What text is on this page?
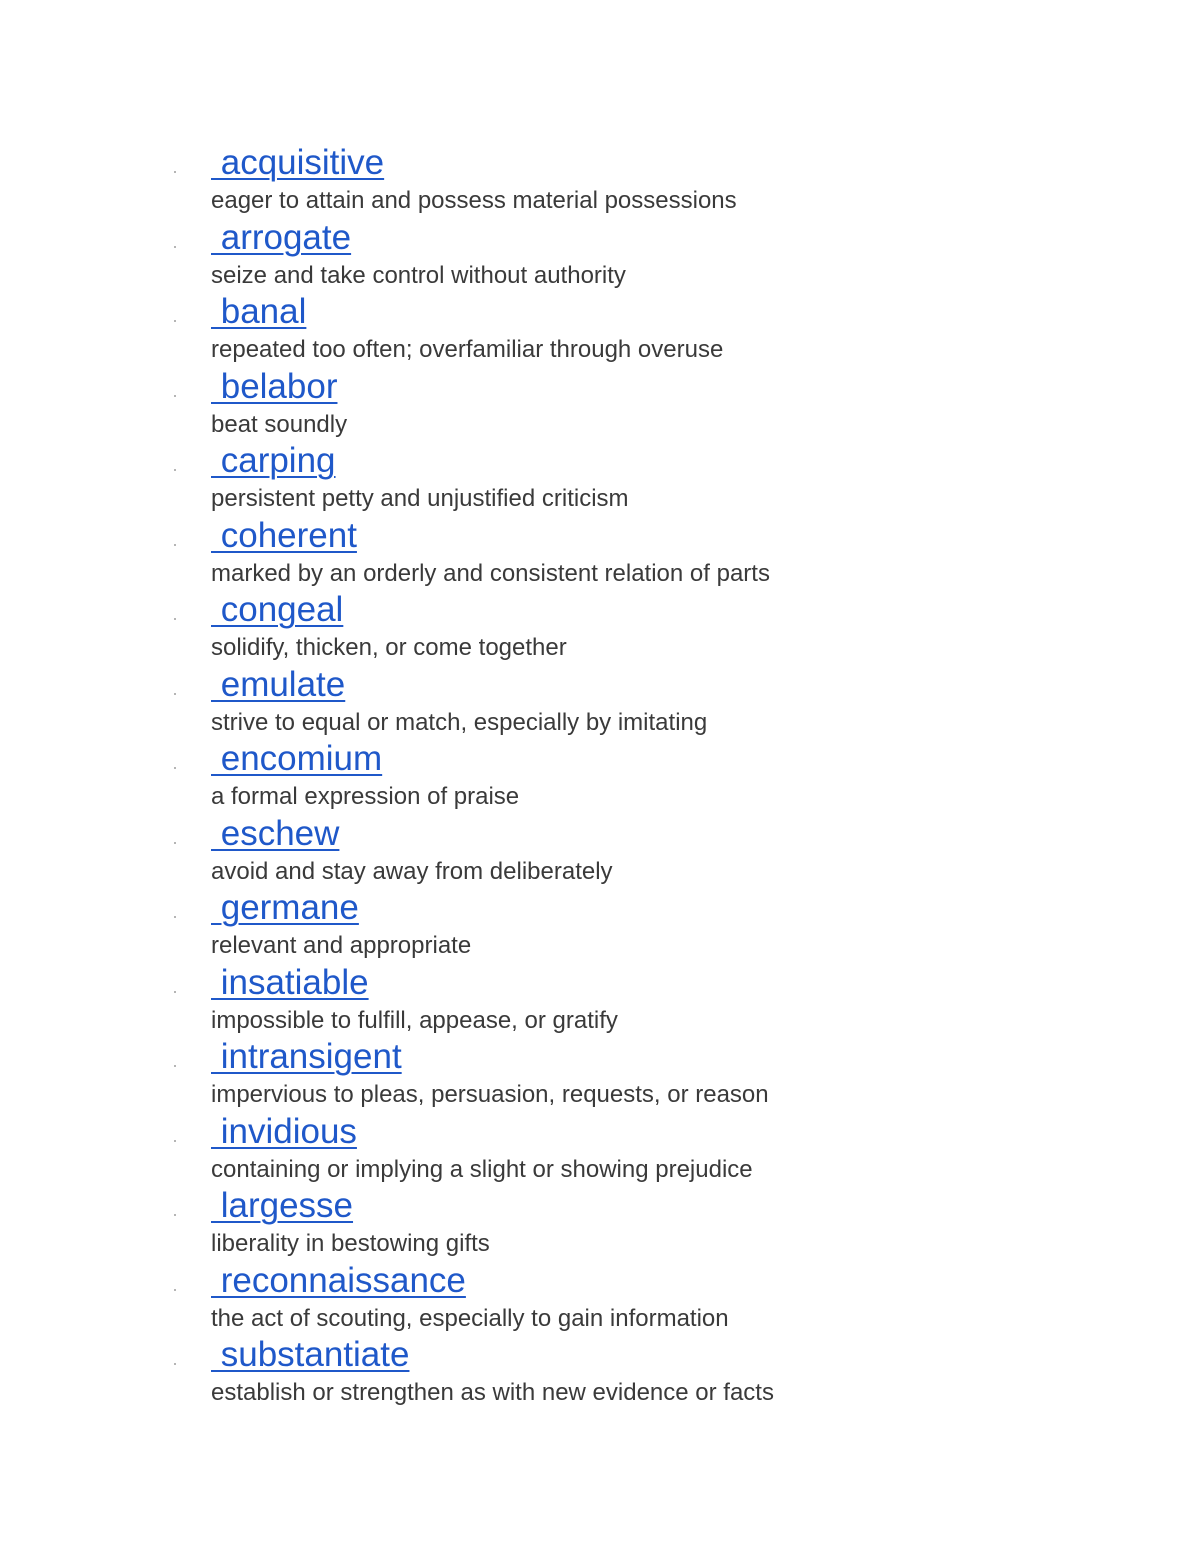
acquisitive
eager to attain and possess material possessions
arrogate
seize and take control without authority
banal
repeated too often; overfamiliar through overuse
belabor
beat soundly
carping
persistent petty and unjustified criticism
coherent
marked by an orderly and consistent relation of parts
congeal
solidify, thicken, or come together
emulate
strive to equal or match, especially by imitating
encomium
a formal expression of praise
eschew
avoid and stay away from deliberately
germane
relevant and appropriate
insatiable
impossible to fulfill, appease, or gratify
intransigent
impervious to pleas, persuasion, requests, or reason
invidious
containing or implying a slight or showing prejudice
largesse
liberality in bestowing gifts
reconnaissance
the act of scouting, especially to gain information
substantiate
establish or strengthen as with new evidence or facts
